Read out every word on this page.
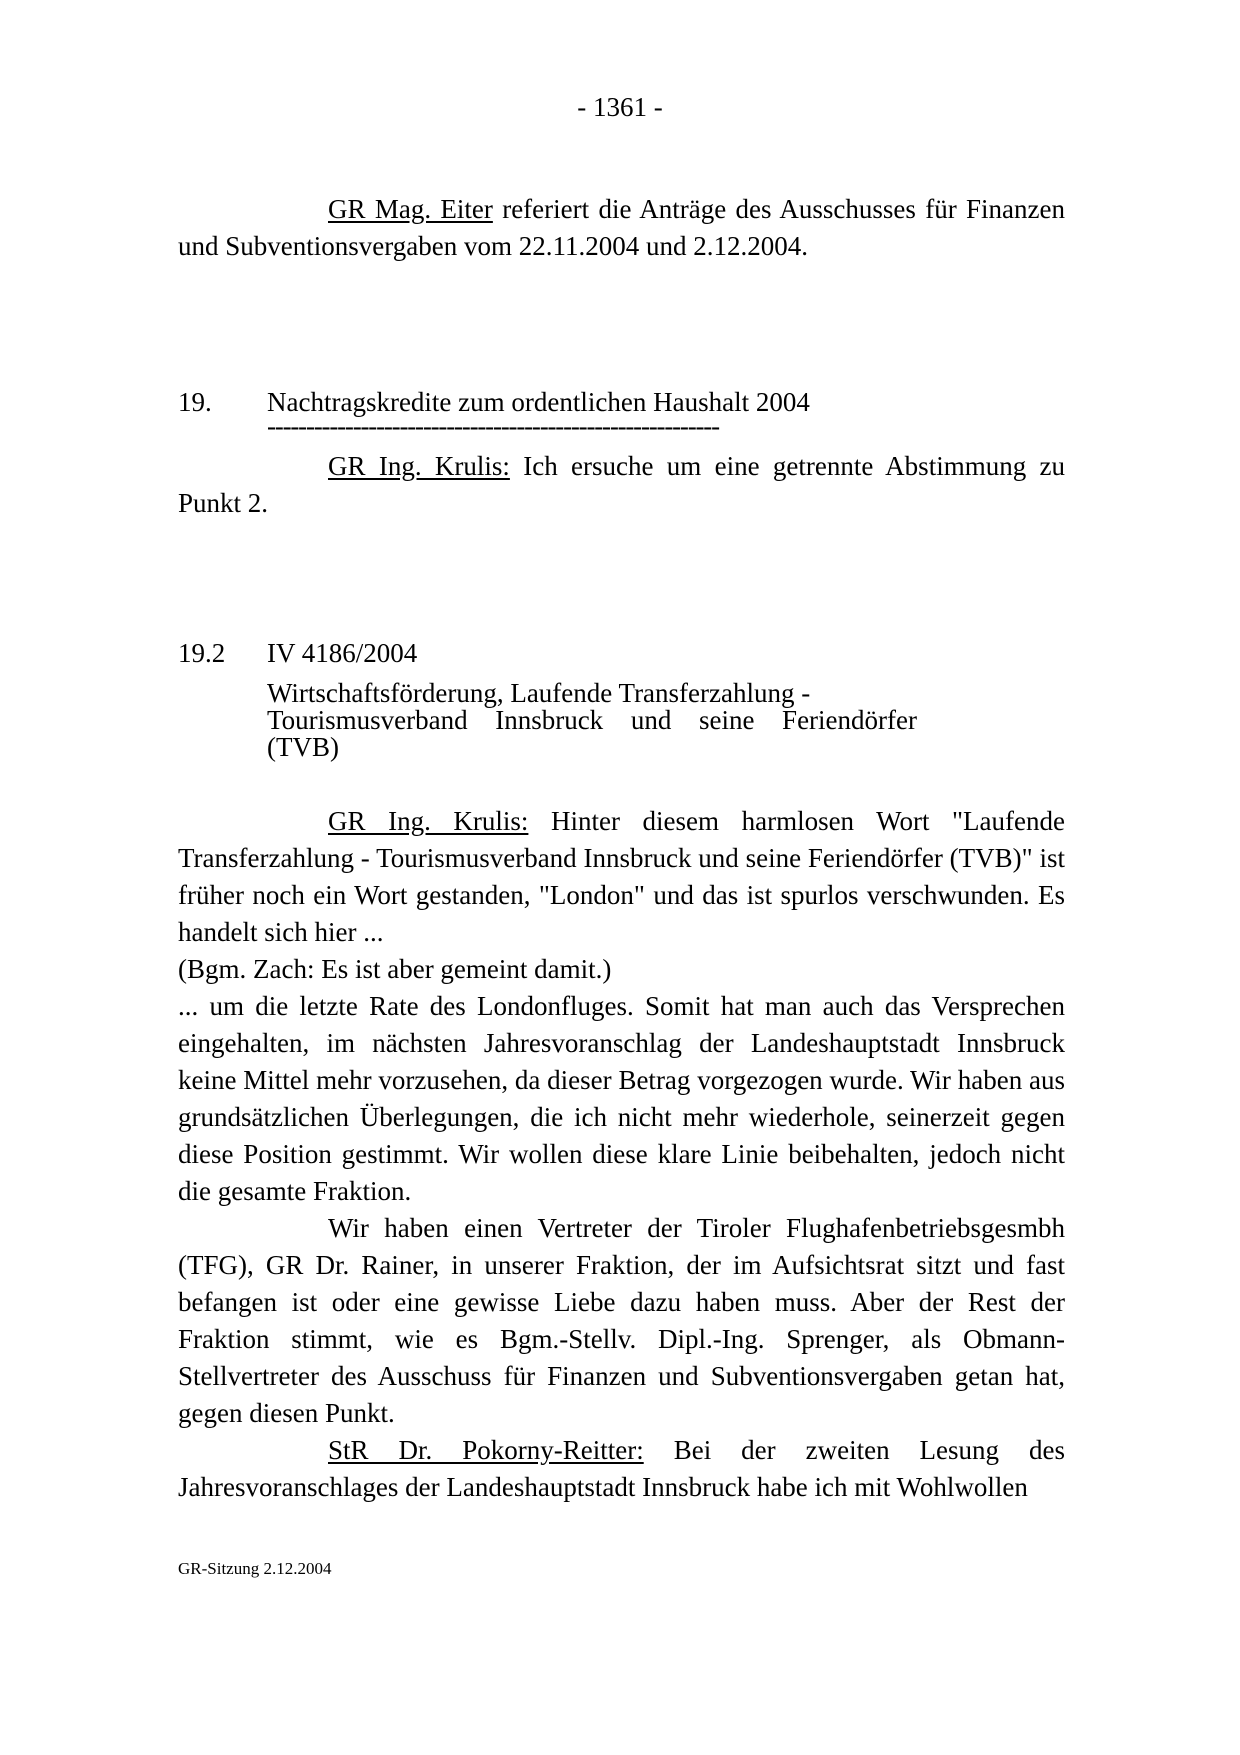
- 1361 -

GR Mag. Eiter referiert die Anträge des Ausschusses für Finanzen und Subventionsvergaben vom 22.11.2004 und 2.12.2004.

19. Nachtragskredite zum ordentlichen Haushalt 2004
----------------------------------------------------------

GR Ing. Krulis: Ich ersuche um eine getrennte Abstimmung zu Punkt 2.

19.2 IV 4186/2004
Wirtschaftsförderung, Laufende Transferzahlung -
Tourismusverband Innsbruck und seine Feriendörfer
(TVB)

GR Ing. Krulis: Hinter diesem harmlosen Wort "Laufende Transferzahlung - Tourismusverband Innsbruck und seine Feriendörfer (TVB)" ist früher noch ein Wort gestanden, "London" und das ist spurlos verschwunden. Es handelt sich hier ...

(Bgm. Zach: Es ist aber gemeint damit.)

... um die letzte Rate des Londonfluges. Somit hat man auch das Versprechen eingehalten, im nächsten Jahresvoranschlag der Landeshauptstadt Innsbruck keine Mittel mehr vorzusehen, da dieser Betrag vorgezogen wurde. Wir haben aus grundsätzlichen Überlegungen, die ich nicht mehr wiederhole, seinerzeit gegen diese Position gestimmt. Wir wollen diese klare Linie beibehalten, jedoch nicht die gesamte Fraktion.

Wir haben einen Vertreter der Tiroler Flughafenbetriebsgesmbh (TFG), GR Dr. Rainer, in unserer Fraktion, der im Aufsichtsrat sitzt und fast befangen ist oder eine gewisse Liebe dazu haben muss. Aber der Rest der Fraktion stimmt, wie es Bgm.-Stellv. Dipl.-Ing. Sprenger, als Obmann-Stellvertreter des Ausschuss für Finanzen und Subventionsvergaben getan hat, gegen diesen Punkt.

StR Dr. Pokorny-Reitter: Bei der zweiten Lesung des Jahresvoranschlages der Landeshauptstadt Innsbruck habe ich mit Wohlwollen

GR-Sitzung 2.12.2004
